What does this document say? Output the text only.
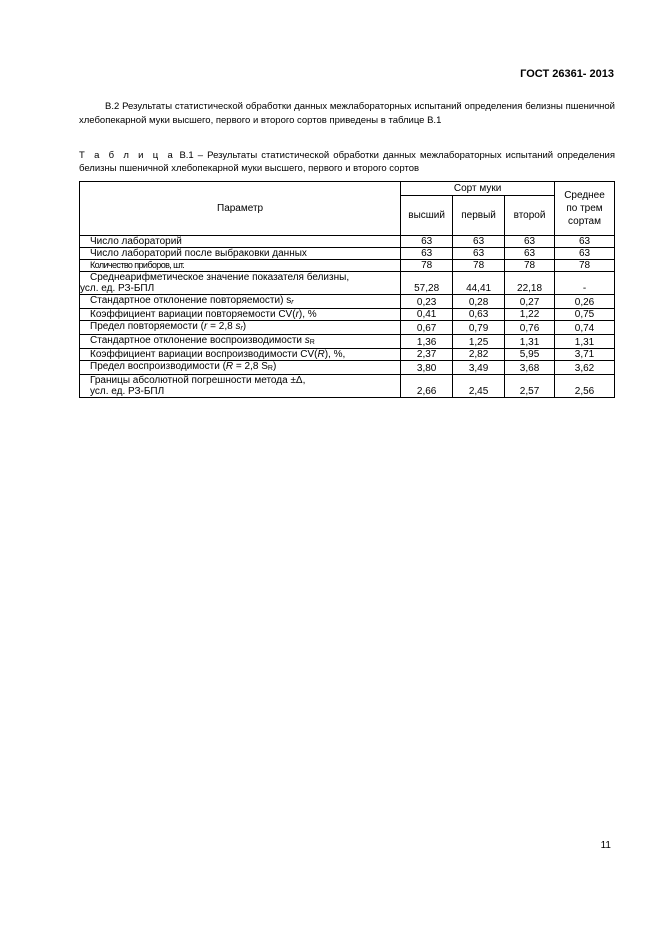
ГОСТ 26361- 2013

В.2 Результаты статистической обработки данных межлабораторных испытаний определения белизны пшеничной хлебопекарной муки высшего, первого и второго сортов приведены в таблице В.1

Т а б л и ц а В.1 – Результаты статистической обработки данных межлабораторных испытаний определения белизны пшеничной хлебопекарной муки высшего, первого и второго сортов
Параметр	Сорт муки			Среднее по трем сортам
	высший	первый	второй	
Число лабораторий	63	63	63	63
Число лабораторий после выбраковки данных	63	63	63	63
Количество приборов, шт.	78	78	78	78

Среднеарифметическое значение показателя белизны,
усл. ед. РЗ-БПЛ	57,28	44,41	22,18	-
Стандартное отклонение повторяемости) $s_r$	0,23	0,28	0,27	0,26
Коэффициент вариации повторяемости CV(r), %	0,41	0,63	1,22	0,75
Предел повторяемости (r = 2,8 $s_r$)	0,67	0,79	0,76	0,74
Стандартное отклонение воспроизводимости $s_R$	1,36	1,25	1,31	1,31
Коэффициент вариации воспроизводимости CV(R), %,	2,37	2,82	5,95	3,71
Предел воспроизводимости (R = 2,8 $S_R$)	3,80	3,49	3,68	3,62

Границы абсолютной погрешности метода ±Δ,
усл. ед. РЗ-БПЛ	2,66	2,45	2,57	2,56
11
